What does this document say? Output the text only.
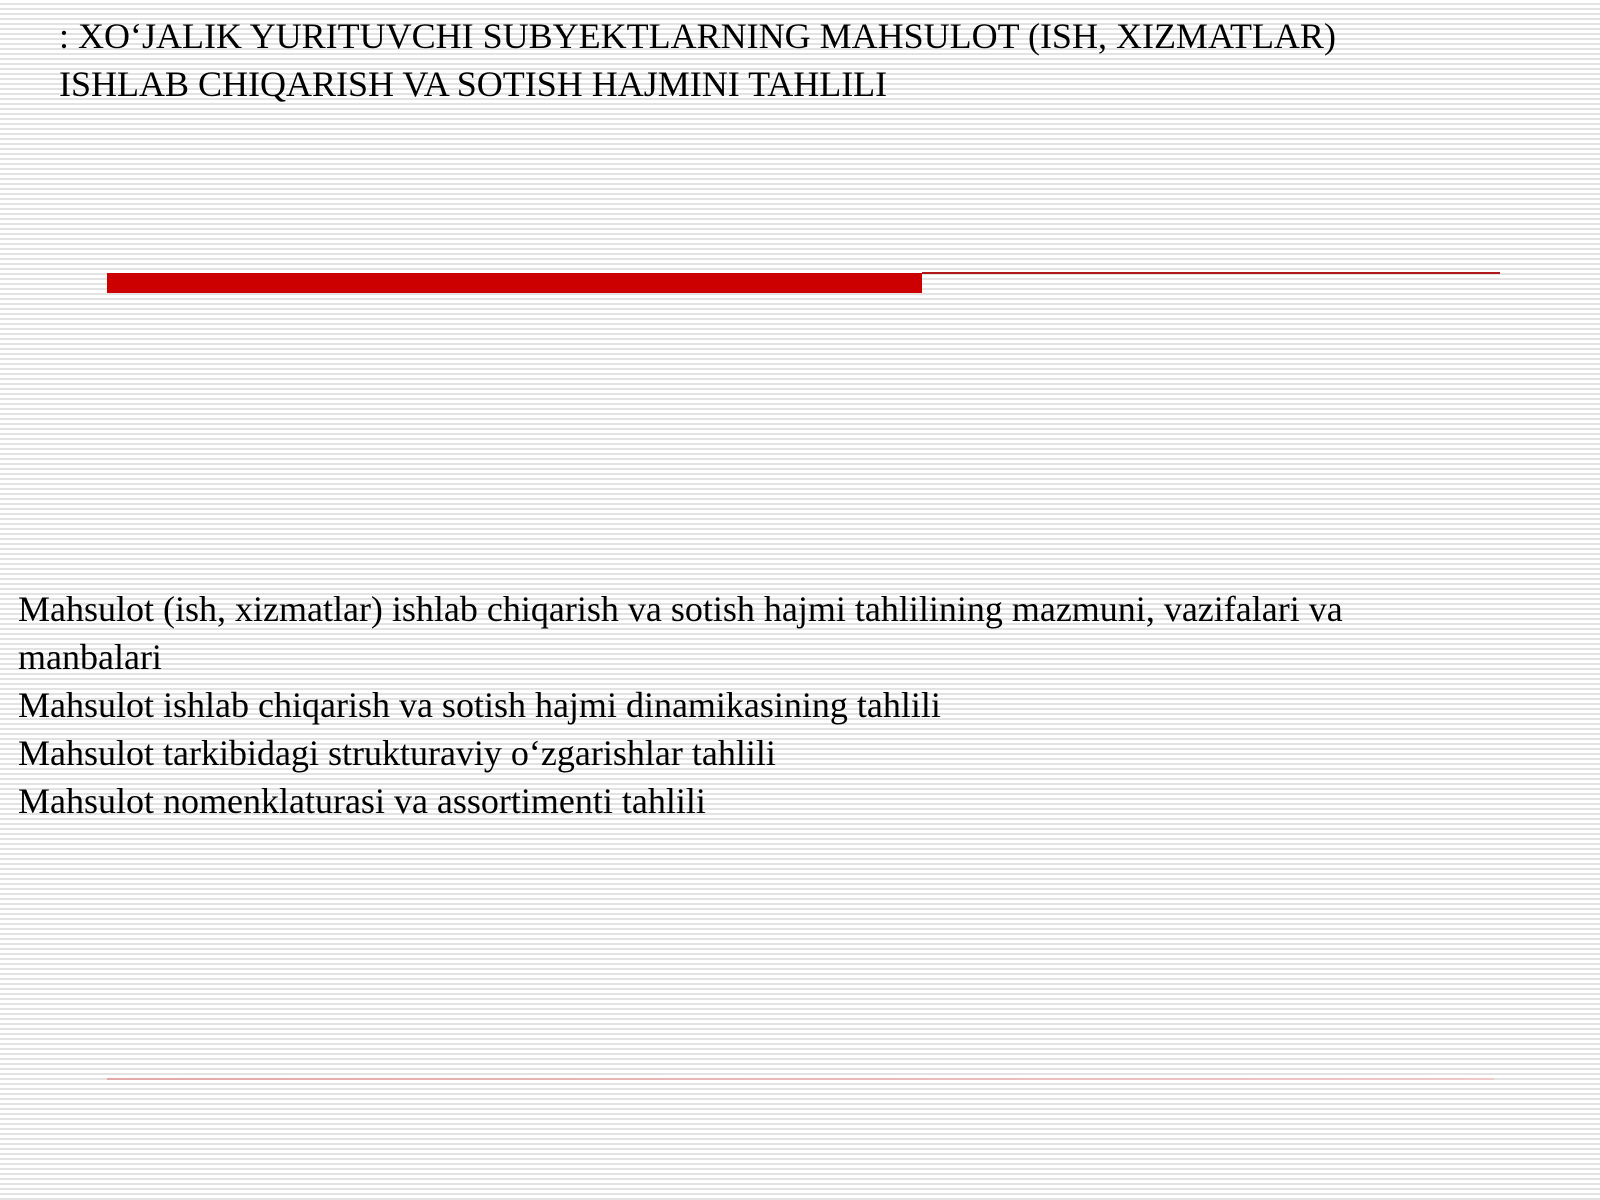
: XO‘JALIK YURITUVCHI SUBYEKTLARNING MAHSULOT (ISH, XIZMATLAR)
ISHLAB CHIQARISH VA SOTISH HAJMINI TAHLILI
Mahsulot (ish, xizmatlar) ishlab chiqarish va sotish hajmi tahlilining mazmuni, vazifalari va
manbalari
Mahsulot ishlab chiqarish va sotish hajmi dinamikasining tahlili
Mahsulot tarkibidagi strukturaviy o‘zgarishlar tahlili
Mahsulot nomenklaturasi va assortimenti tahlili
